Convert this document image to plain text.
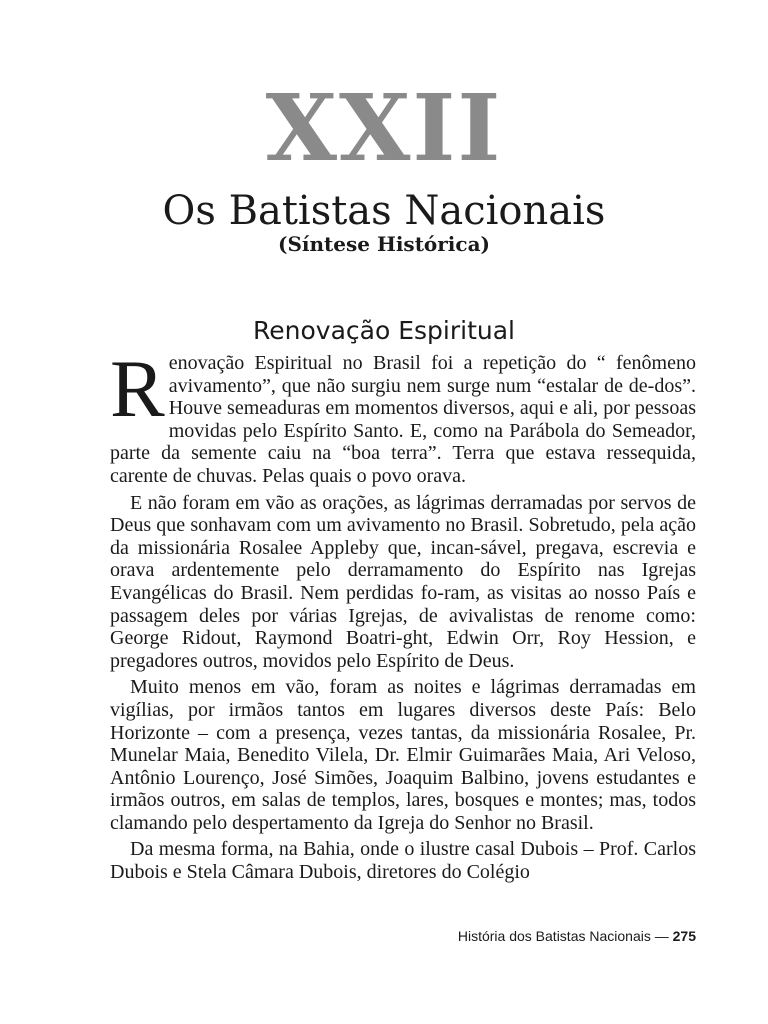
XXII
Os Batistas Nacionais
(Síntese Histórica)
Renovação Espiritual

Renovação Espiritual no Brasil foi a repetição do “ fenômeno avivamento”, que não surgiu nem surge num “estalar de de-dos”. Houve semeaduras em momentos diversos, aqui e ali, por pessoas movidas pelo Espírito Santo. E, como na Parábola do Semeador, parte da semente caiu na “boa terra”. Terra que estava ressequida, carente de chuvas. Pelas quais o povo orava.

E não foram em vão as orações, as lágrimas derramadas por servos de Deus que sonhavam com um avivamento no Brasil. Sobretudo, pela ação da missionária Rosalee Appleby que, incan-sável, pregava, escrevia e orava ardentemente pelo derramamento do Espírito nas Igrejas Evangélicas do Brasil. Nem perdidas fo-ram, as visitas ao nosso País e passagem deles por várias Igrejas, de avivalistas de renome como: George Ridout, Raymond Boatri-ght, Edwin Orr, Roy Hession, e pregadores outros, movidos pelo Espírito de Deus.

Muito menos em vão, foram as noites e lágrimas derramadas em vigílias, por irmãos tantos em lugares diversos deste País: Belo Horizonte – com a presença, vezes tantas, da missionária Rosalee, Pr. Munelar Maia, Benedito Vilela, Dr. Elmir Guimarães Maia, Ari Veloso, Antônio Lourenço, José Simões, Joaquim Balbino, jovens estudantes e irmãos outros, em salas de templos, lares, bosques e montes; mas, todos clamando pelo despertamento da Igreja do Senhor no Brasil.

Da mesma forma, na Bahia, onde o ilustre casal Dubois – Prof. Carlos Dubois e Stela Câmara Dubois, diretores do Colégio

História dos Batistas Nacionais — 275
